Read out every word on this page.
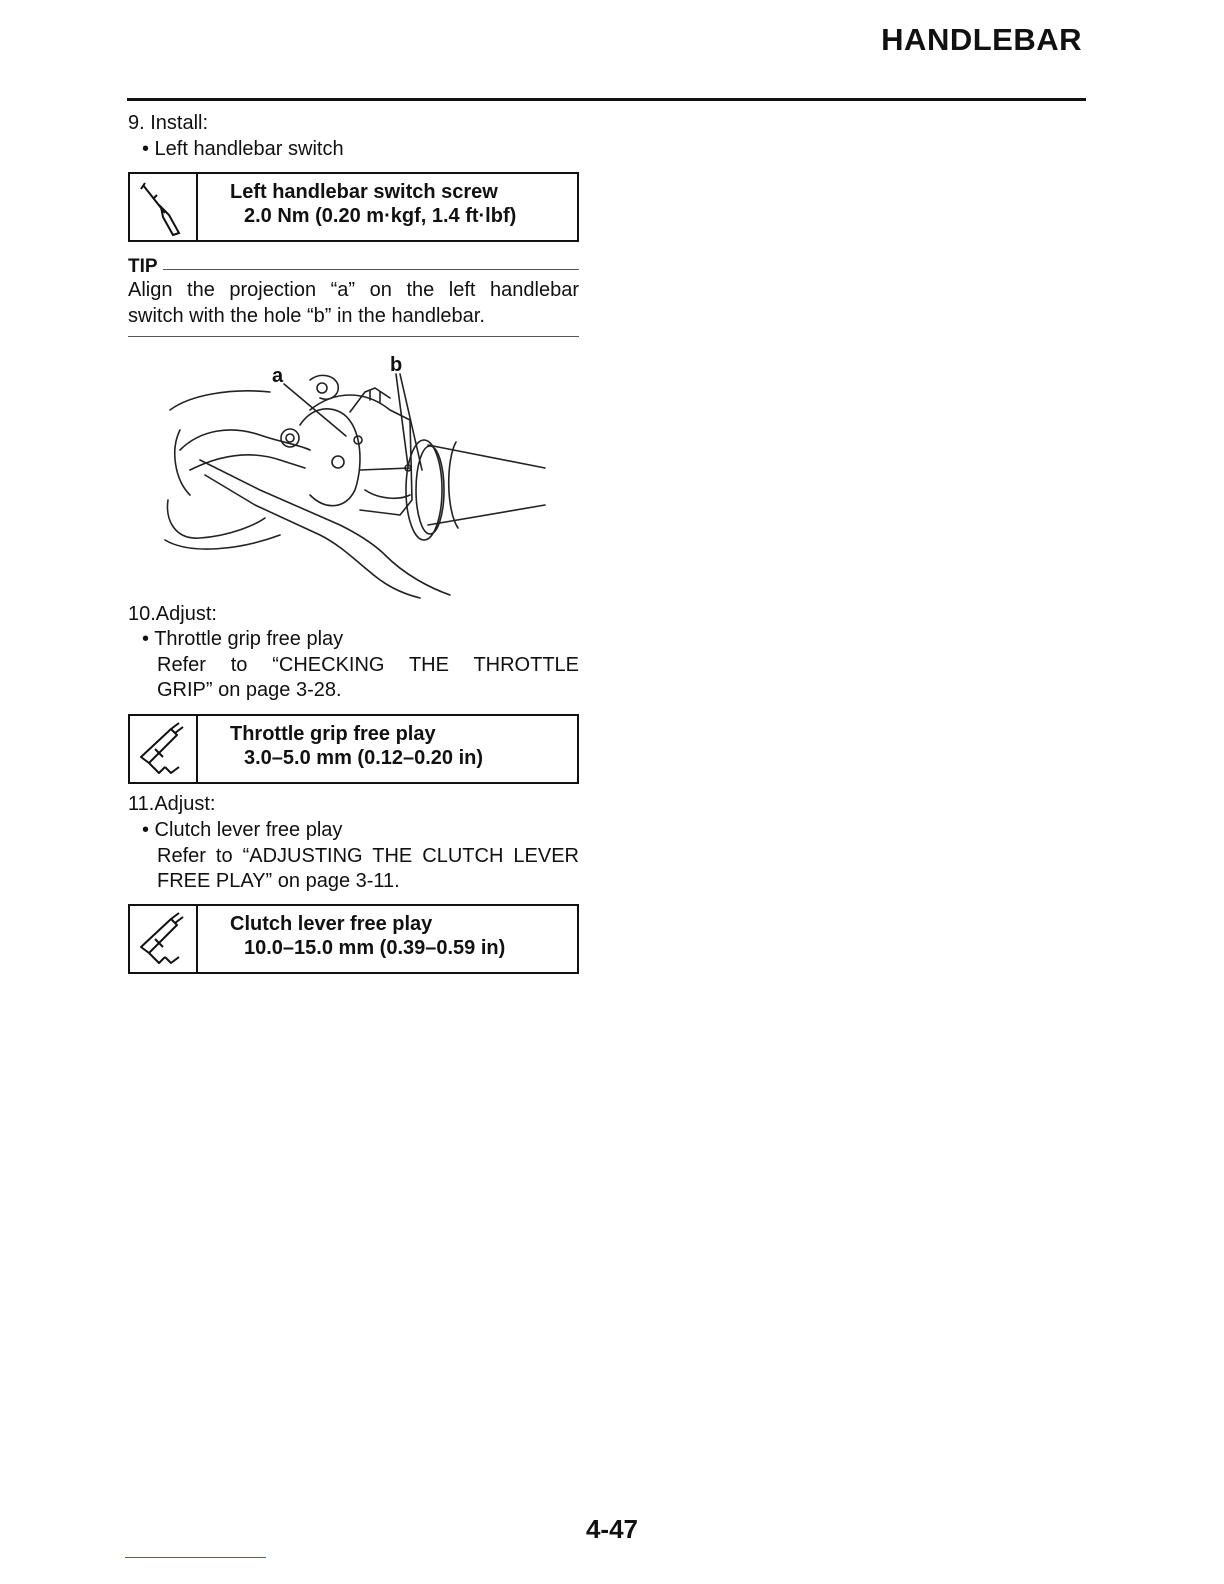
HANDLEBAR
9. Install:
• Left handlebar switch
Left handlebar switch screw
2.0 Nm (0.20 m·kgf, 1.4 ft·lbf)
TIP
Align the projection “a” on the left handlebar
switch with the hole “b” in the handlebar.
a	b
10.Adjust:
• Throttle grip free play
Refer to “CHECKING THE THROTTLE
GRIP” on page 3-28.
Throttle grip free play
3.0–5.0 mm (0.12–0.20 in)
11.Adjust:
• Clutch lever free play
Refer to “ADJUSTING THE CLUTCH LEVER
FREE PLAY” on page 3-11.
Clutch lever free play
10.0–15.0 mm (0.39–0.59 in)
4-47
